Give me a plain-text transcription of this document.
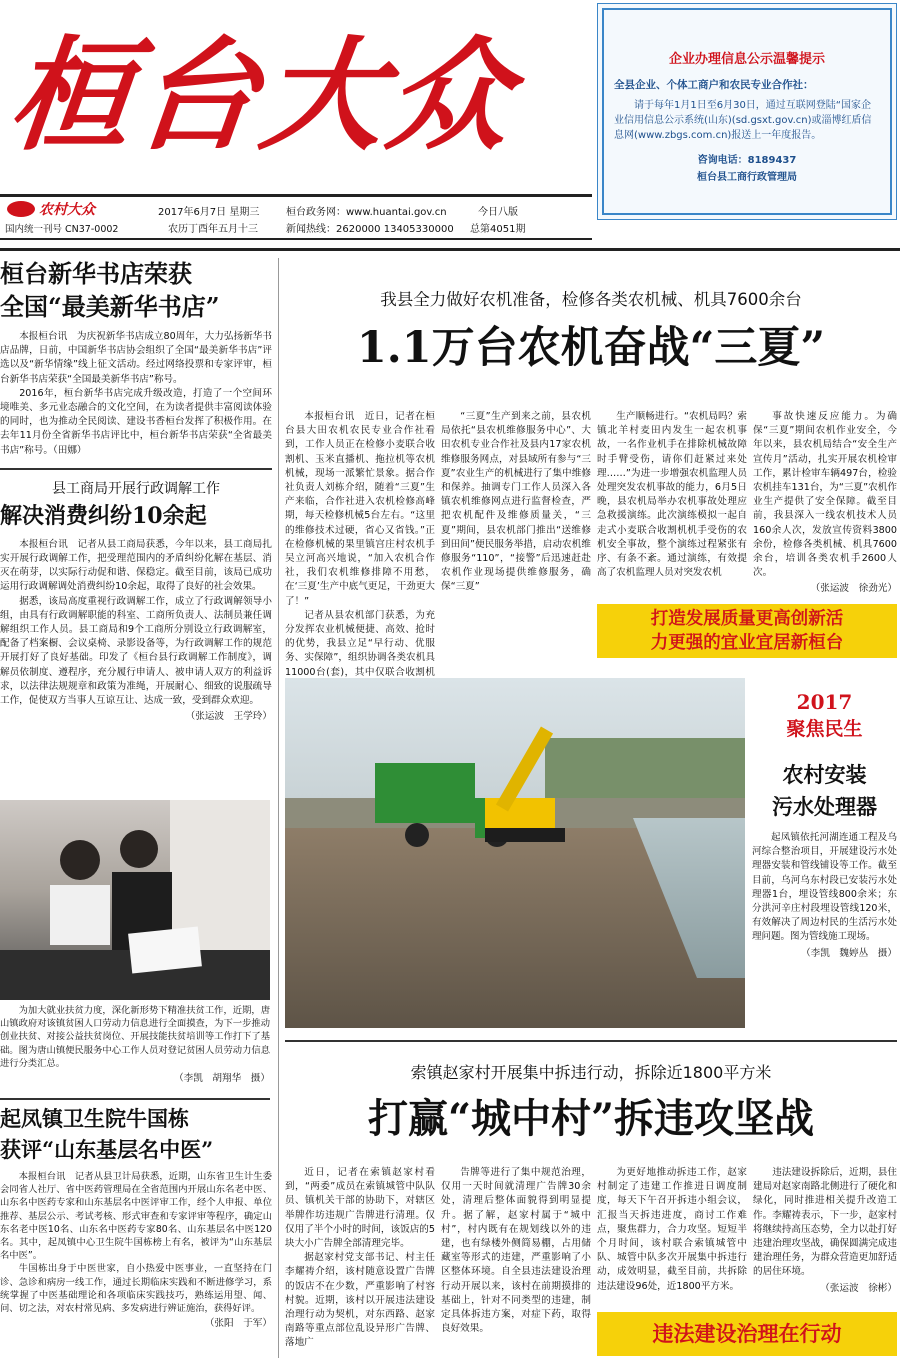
桓台大众	企业办理信息公示温馨提示
全县企业、个体工商户和农民专业合作社：
请于每年1月1日至6月30日，通过互联网登陆“国家企业信用信息公示系统(山东)(sd.gsxt.gov.cn)或淄博红盾信息网(www.zbgs.com.cn)报送上一年度报告。
咨询电话：8189437
桓台县工商行政管理局
农村大众
国内统一刊号 CN37-0002
2017年6月7日 星期三
农历丁酉年五月十三
桓台政务网：www.huantai.gov.cn
新闻热线：2620000 13405330000
今日八版
总第4051期
桓台新华书店荣获
全国“最美新华书店”

本报桓台讯　为庆祝新华书店成立80周年，大力弘扬新华书店品牌，日前，中国新华书店协会组织了全国“最美新华书店”评选以及“新华情缘”线上征文活动。经过网络投票和专家评审，桓台新华书店荣获“全国最美新华书店”称号。

2016年，桓台新华书店完成升级改造，打造了一个空间环境唯美、多元业态融合的文化空间，在为读者提供丰富阅读体验的同时，也为推动全民阅读、建设书香桓台发挥了积极作用。在去年11月份全省新华书店评比中，桓台新华书店荣获“全省最美书店”称号。（田娜）

县工商局开展行政调解工作
解决消费纠纷10余起

本报桓台讯　记者从县工商局获悉，今年以来，县工商局扎实开展行政调解工作，把受理范围内的矛盾纠纷化解在基层、消灭在萌芽，以实际行动促和谐、保稳定。截至目前，该局已成功运用行政调解调处消费纠纷10余起，取得了良好的社会效果。

据悉，该局高度重视行政调解工作，成立了行政调解领导小组，由具有行政调解职能的科室、工商所负责人、法制员兼任调解组织工作人员。县工商局和9个工商所分别设立行政调解室，配备了档案橱、会议桌椅、录影设备等，为行政调解工作的规范开展打好了良好基础。印发了《桓台县行政调解工作制度》，调解员依制度、遵程序，充分履行申请人、被申请人双方的利益诉求，以法律法规规章和政策为准绳，开展耐心、细致的说服疏导工作，促使双方当事人互谅互让、达成一致，受到群众欢迎。

（张运波　王学玲）

为加大就业扶贫力度，深化新形势下精准扶贫工作，近期，唐山镇政府对该镇贫困人口劳动力信息进行全面摸查，为下一步推动创业扶贫、对接公益扶贫岗位、开展技能扶贫培训等工作打下了基础。图为唐山镇便民服务中心工作人员对登记贫困人员劳动力信息进行分类汇总。

（李凯　胡翔华　摄）
起凤镇卫生院牛国栋
获评“山东基层名中医”

本报桓台讯　记者从县卫计局获悉，近期，山东省卫生计生委会同省人社厅、省中医药管理局在全省范围内开展山东名老中医、山东名中医药专家和山东基层名中医评审工作，经个人申报、单位推荐、基层公示、考试考核、形式审查和专家评审等程序，确定山东名老中医10名、山东名中医药专家80名、山东基层名中医120名。其中，起凤镇中心卫生院牛国栋榜上有名，被评为“山东基层名中医”。

牛国栋出身于中医世家，自小热爱中医事业，一直坚持在门诊、急诊和病房一线工作，通过长期临床实践和不断进修学习，系统掌握了中医基础理论和各项临床实践技巧，熟练运用望、闻、问、切之法，对农村常见病、多发病进行辨证施治，获得好评。

（张阳　于军）
我县全力做好农机准备，检修各类农机械、机具7600余台
1.1万台农机奋战“三夏”

本报桓台讯　近日，记者在桓台县大田农机农民专业合作社看到，工作人员正在检修小麦联合收割机、玉米直播机、拖拉机等农机机械，现场一派繁忙景象。据合作社负责人刘栋介绍，随着“三夏”生产来临，合作社进入农机检修高峰期，每天检修机械5台左右。“这里的维修技术过硬，省心又省钱。”正在检修机械的果里镇宫庄村农机手吴立河高兴地说，“加入农机合作社，我们农机维修排障不用愁，在‘三夏’生产中底气更足，干劲更大了！”

记者从县农机部门获悉，为充分发挥农业机械便捷、高效、抢时的优势，我县立足“早行动、优服务、实保障”，组织协调各类农机具11000台(套)，其中仅联合收割机

“三夏”生产到来之前，县农机局依托“县农机维修服务中心”、大田农机专业合作社及县内17家农机维修服务网点，对县域所有参与“三夏”农业生产的机械进行了集中维修和保养。抽调专门工作人员深入各镇农机维修网点进行监督检查，严把农机配件及维修质量关，“三夏”期间，县农机部门推出“送维修到田间”便民服务举措，启动农机维修服务“110”，“接警”后迅速赶赴农机作业现场提供维修服务，确保“三夏”

生产顺畅进行。“农机局吗？索镇北羊村麦田内发生一起农机事故，一名作业机手在排除机械故障时手臂受伤，请你们赶紧过来处理……”为进一步增强农机监理人员处理突发农机事故的能力，6月5日晚，县农机局举办农机事故处理应急救援演练。此次演练模拟一起自走式小麦联合收割机机手受伤的农机安全事故，整个演练过程紧张有序、有条不紊。通过演练，有效提高了农机监理人员对突发农机

事故快速反应能力。为确保“三夏”期间农机作业安全，今年以来，县农机局结合“安全生产宣传月”活动，扎实开展农机检审工作，累计检审车辆497台，检验农机挂车131台，为“三夏”农机作业生产提供了安全保障。截至目前，我县深入一线农机技术人员160余人次，发放宣传资料3800余份，检修各类机械、机具7600余台，培训各类农机手2600人次。

（张运波　徐劲光）
打造发展质量更高创新活
力更强的宜业宜居新桓台
2017
聚焦民生
农村安装
污水处理器

起凤镇依托河湖连通工程及乌河综合整治项目，开展建设污水处理器安装和管线铺设等工作。截至目前，乌河乌东村段已安装污水处理器1台，埋设管线800余米；东分洪河辛庄村段埋设管线120米，有效解决了周边村民的生活污水处理问题。图为管线施工现场。

（李凯　魏婷丛　摄）
索镇赵家村开展集中拆违行动，拆除近1800平方米
打赢“城中村”拆违攻坚战

近日，记者在索镇赵家村看到，“两委”成员在索镇城管中队队员、镇机关干部的协助下，对辖区举牌作坊违规广告牌进行清理。仅仅用了半个小时的时间，该饭店的5块大小广告牌全部清理完毕。

据赵家村党支部书记、村主任李耀祷介绍，该村随意设置广告牌的饭店不在少数，严重影响了村容村貌。近期，该村以开展违法建设治理行动为契机，对东西路、赵家南路等重点部位乱设异形广告牌、落地广

告牌等进行了集中规范治理，仅用一天时间就清理广告牌30余处，清理后整体面貌得到明显提升。据了解，赵家村属于“城中村”，村内既有在规划线以外的违建，也有绿楼外侧简易棚，占用储藏室等形式的违建，严重影响了小区整体环境。自全县违法建设治理行动开展以来，该村在前期摸排的基础上，针对不同类型的违建，制定具体拆违方案，对症下药，取得良好效果。

为更好地推动拆违工作，赵家村制定了违建工作推进日调度制度，每天下午召开拆违小组会议，汇报当天拆违进度，商讨工作难点，聚焦群力，合力攻坚。短短半个月时间，该村联合索镇城管中队、城管中队多次开展集中拆违行动，成效明显，截至目前，共拆除违法建设96处，近1800平方米。

违法建设拆除后，近期，县住建局对赵家南路北侧进行了硬化和绿化，同时推进相关提升改造工作。李耀祷表示，下一步，赵家村将继续持高压态势，全力以赴打好违建治理攻坚战，确保圆满完成违建治理任务，为群众营造更加舒适的居住环境。

（张运波　徐彬）
违法建设治理在行动
